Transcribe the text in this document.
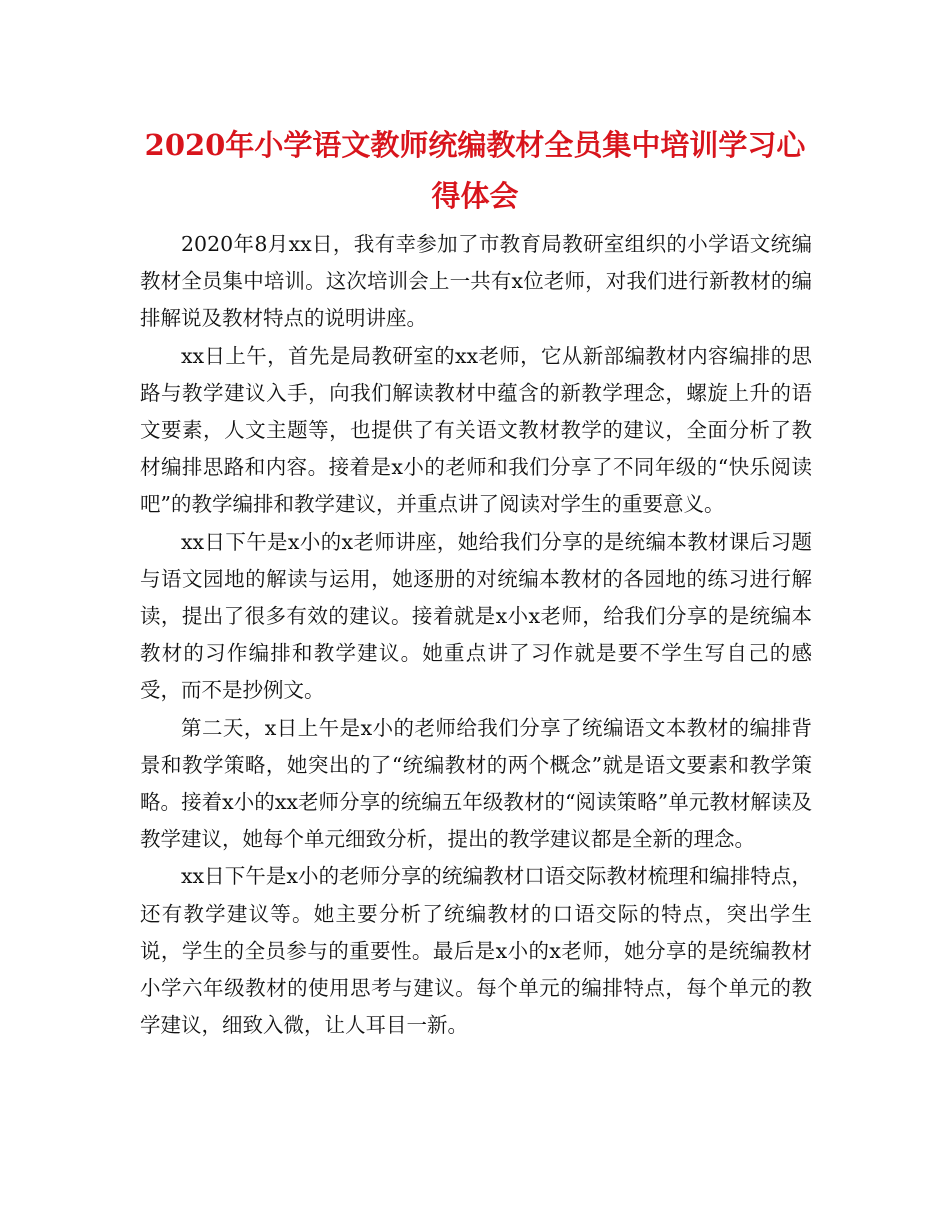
2020年小学语文教师统编教材全员集中培训学习心得体会

2020年8月xx日，我有幸参加了市教育局教研室组织的小学语文统编教材全员集中培训。这次培训会上一共有x位老师，对我们进行新教材的编排解说及教材特点的说明讲座。

xx日上午，首先是局教研室的xx老师，它从新部编教材内容编排的思路与教学建议入手，向我们解读教材中蕴含的新教学理念，螺旋上升的语文要素，人文主题等，也提供了有关语文教材教学的建议，全面分析了教材编排思路和内容。接着是x小的老师和我们分享了不同年级的“快乐阅读吧”的教学编排和教学建议，并重点讲了阅读对学生的重要意义。

xx日下午是x小的x老师讲座，她给我们分享的是统编本教材课后习题与语文园地的解读与运用，她逐册的对统编本教材的各园地的练习进行解读，提出了很多有效的建议。接着就是x小x老师，给我们分享的是统编本教材的习作编排和教学建议。她重点讲了习作就是要不学生写自己的感受，而不是抄例文。

第二天，x日上午是x小的老师给我们分享了统编语文本教材的编排背景和教学策略，她突出的了“统编教材的两个概念”就是语文要素和教学策略。接着x小的xx老师分享的统编五年级教材的“阅读策略”单元教材解读及教学建议，她每个单元细致分析，提出的教学建议都是全新的理念。

xx日下午是x小的老师分享的统编教材口语交际教材梳理和编排特点，还有教学建议等。她主要分析了统编教材的口语交际的特点，突出学生说，学生的全员参与的重要性。最后是x小的x老师，她分享的是统编教材小学六年级教材的使用思考与建议。每个单元的编排特点，每个单元的教学建议，细致入微，让人耳目一新。
